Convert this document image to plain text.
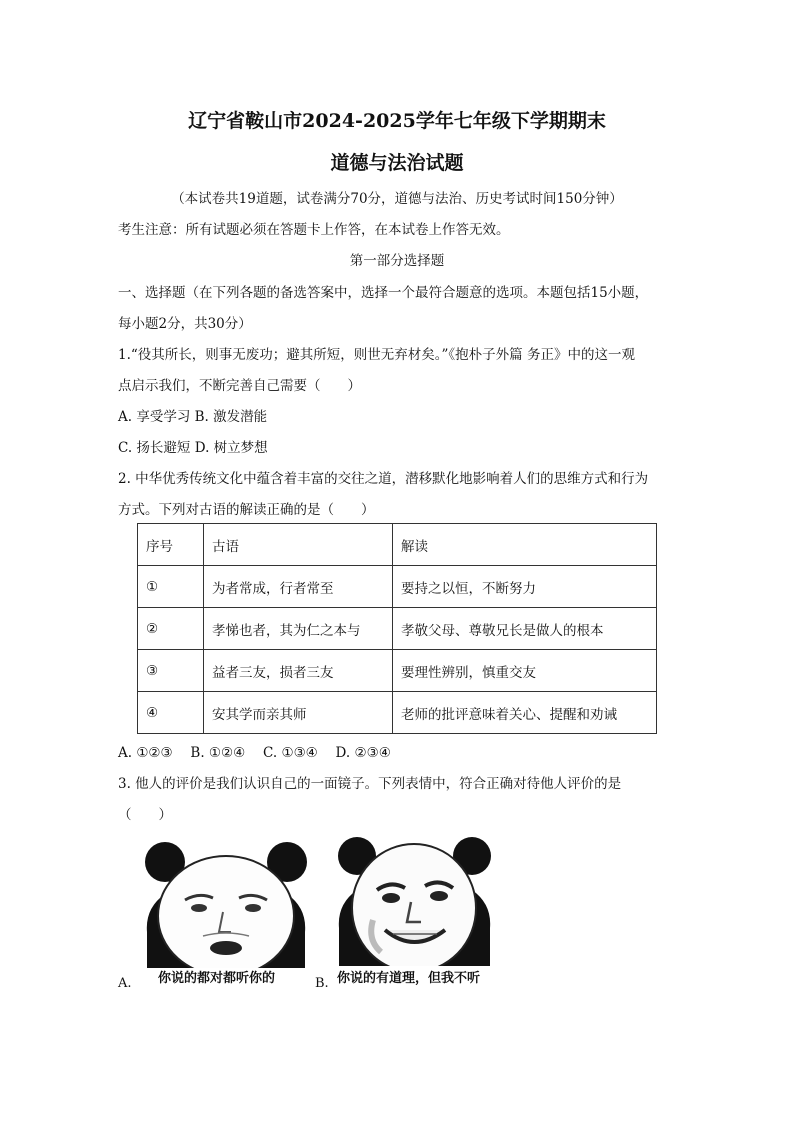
辽宁省鞍山市2024-2025学年七年级下学期期末
道德与法治试题
（本试卷共19道题，试卷满分70分，道德与法治、历史考试时间150分钟）
考生注意：所有试题必须在答题卡上作答，在本试卷上作答无效。
第一部分选择题
一、选择题（在下列各题的备选答案中，选择一个最符合题意的选项。本题包括15小题，
每小题2分，共30分）
1.“役其所长，则事无废功；避其所短，则世无弃材矣。”《抱朴子外篇 务正》中的这一观
点启示我们，不断完善自己需要（　　）
A. 享受学习 B. 激发潜能
C. 扬长避短 D. 树立梦想
2. 中华优秀传统文化中蕴含着丰富的交往之道，潜移默化地影响着人们的思维方式和行为
方式。下列对古语的解读正确的是（　　）
序号	古语	解读
①	为者常成，行者常至	要持之以恒，不断努力
②	孝悌也者，其为仁之本与	孝敬父母、尊敬兄长是做人的根本
③	益者三友，损者三友	要理性辨别，慎重交友
④	安其学而亲其师	老师的批评意味着关心、提醒和劝诫
A. ①②③　 B. ①②④　 C. ①③④　 D. ②③④
3. 他人的评价是我们认识自己的一面镜子。下列表情中，符合正确对待他人评价的是
（　　）
你说的都对都听你的
A.	你说的有道理，但我不听
B.
